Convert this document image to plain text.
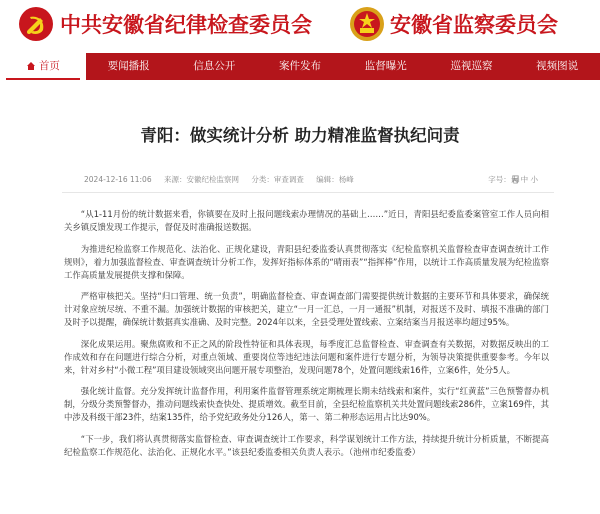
中共安徽省纪律检查委员会	安徽省监察委员会
首页	要闻播报	信息公开	案件发布	监督曝光	巡视巡察	视频图说
青阳：做实统计分析 助力精准监督执纪问责
2024-12-16 11:06 来源：安徽纪检监察网 分类：审查调查 编辑：杨峰	字号：大 中 小

“从1-11月份的统计数据来看，你镇要在及时上报问题线索办理情况的基础上……”近日，青阳县纪委监委案管室工作人员向相关乡镇反馈发现工作提示，督促及时准确报送数据。

为推进纪检监察工作规范化、法治化、正规化建设，青阳县纪委监委认真贯彻落实《纪检监察机关监督检查审查调查统计工作规则》，着力加强监督检查、审查调查统计分析工作，发挥好指标体系的“晴雨表”“指挥棒”作用，以统计工作高质量发展为纪检监察工作高质量发展提供支撑和保障。

严格审核把关。坚持“归口管理、统一负责”，明确监督检查、审查调查部门需要提供统计数据的主要环节和具体要求，确保统计对象应统尽统、不重不漏。加强统计数据的审核把关，建立“一月一汇总，一月一通报”机制，对报送不及时、填报不准确的部门及时予以提醒，确保统计数据真实准确、及时完整。2024年以来，全县受理处置线索、立案结案当月报送率均超过95%。

深化成果运用。聚焦腐败和不正之风的阶段性特征和具体表现，每季度汇总监督检查、审查调查有关数据，对数据反映出的工作成效和存在问题进行综合分析，对重点领域、重要岗位等违纪违法问题和案件进行专题分析，为领导决策提供重要参考。今年以来，针对乡村“小微工程”项目建设领域突出问题开展专项整治，发现问题78个，处置问题线索16件，立案6件，处分5人。

强化统计监督。充分发挥统计监督作用，利用案件监督管理系统定期梳理长期未结线索和案件，实行“红黄蓝”三色预警督办机制，分级分类预警督办，推动问题线索快查快处、提质增效。截至目前，全县纪检监察机关共处置问题线索286件，立案169件，其中涉及科级干部23件，结案135件，给予党纪政务处分126人，第一、第二种形态运用占比达90%。

“下一步，我们将认真贯彻落实监督检查、审查调查统计工作要求，科学谋划统计工作方法，持续提升统计分析质量，不断提高纪检监察工作规范化、法治化、正规化水平。”该县纪委监委相关负责人表示。（池州市纪委监委）
